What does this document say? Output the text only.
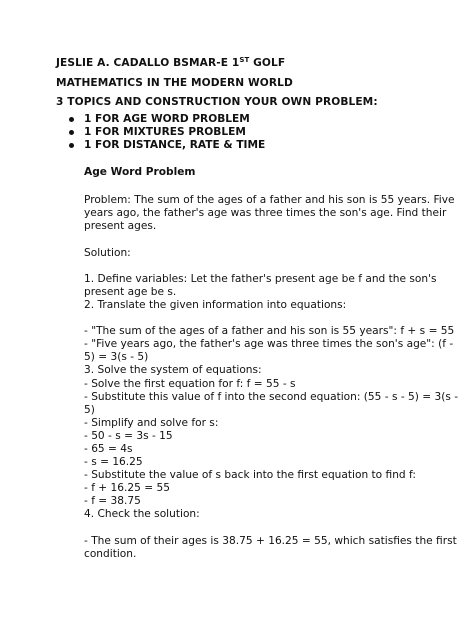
JESLIE A. CADALLO BSMAR-E 1ST GOLF
MATHEMATICS IN THE MODERN WORLD
3 TOPICS AND CONSTRUCTION YOUR OWN PROBLEM:
1 FOR AGE WORD PROBLEM
1 FOR MIXTURES PROBLEM
1 FOR DISTANCE, RATE & TIME
Age Word Problem
Problem: The sum of the ages of a father and his son is 55 years. Five
years ago, the father's age was three times the son's age. Find their
present ages.
Solution:
1. Define variables: Let the father's present age be f and the son's
present age be s.
2. Translate the given information into equations:
- "The sum of the ages of a father and his son is 55 years": f + s = 55
- "Five years ago, the father's age was three times the son's age": (f -
5) = 3(s - 5)
3. Solve the system of equations:
- Solve the first equation for f: f = 55 - s
- Substitute this value of f into the second equation: (55 - s - 5) = 3(s -
5)
- Simplify and solve for s:
- 50 - s = 3s - 15
- 65 = 4s
- s = 16.25
- Substitute the value of s back into the first equation to find f:
- f + 16.25 = 55
- f = 38.75
4. Check the solution:
- The sum of their ages is 38.75 + 16.25 = 55, which satisfies the first
condition.
